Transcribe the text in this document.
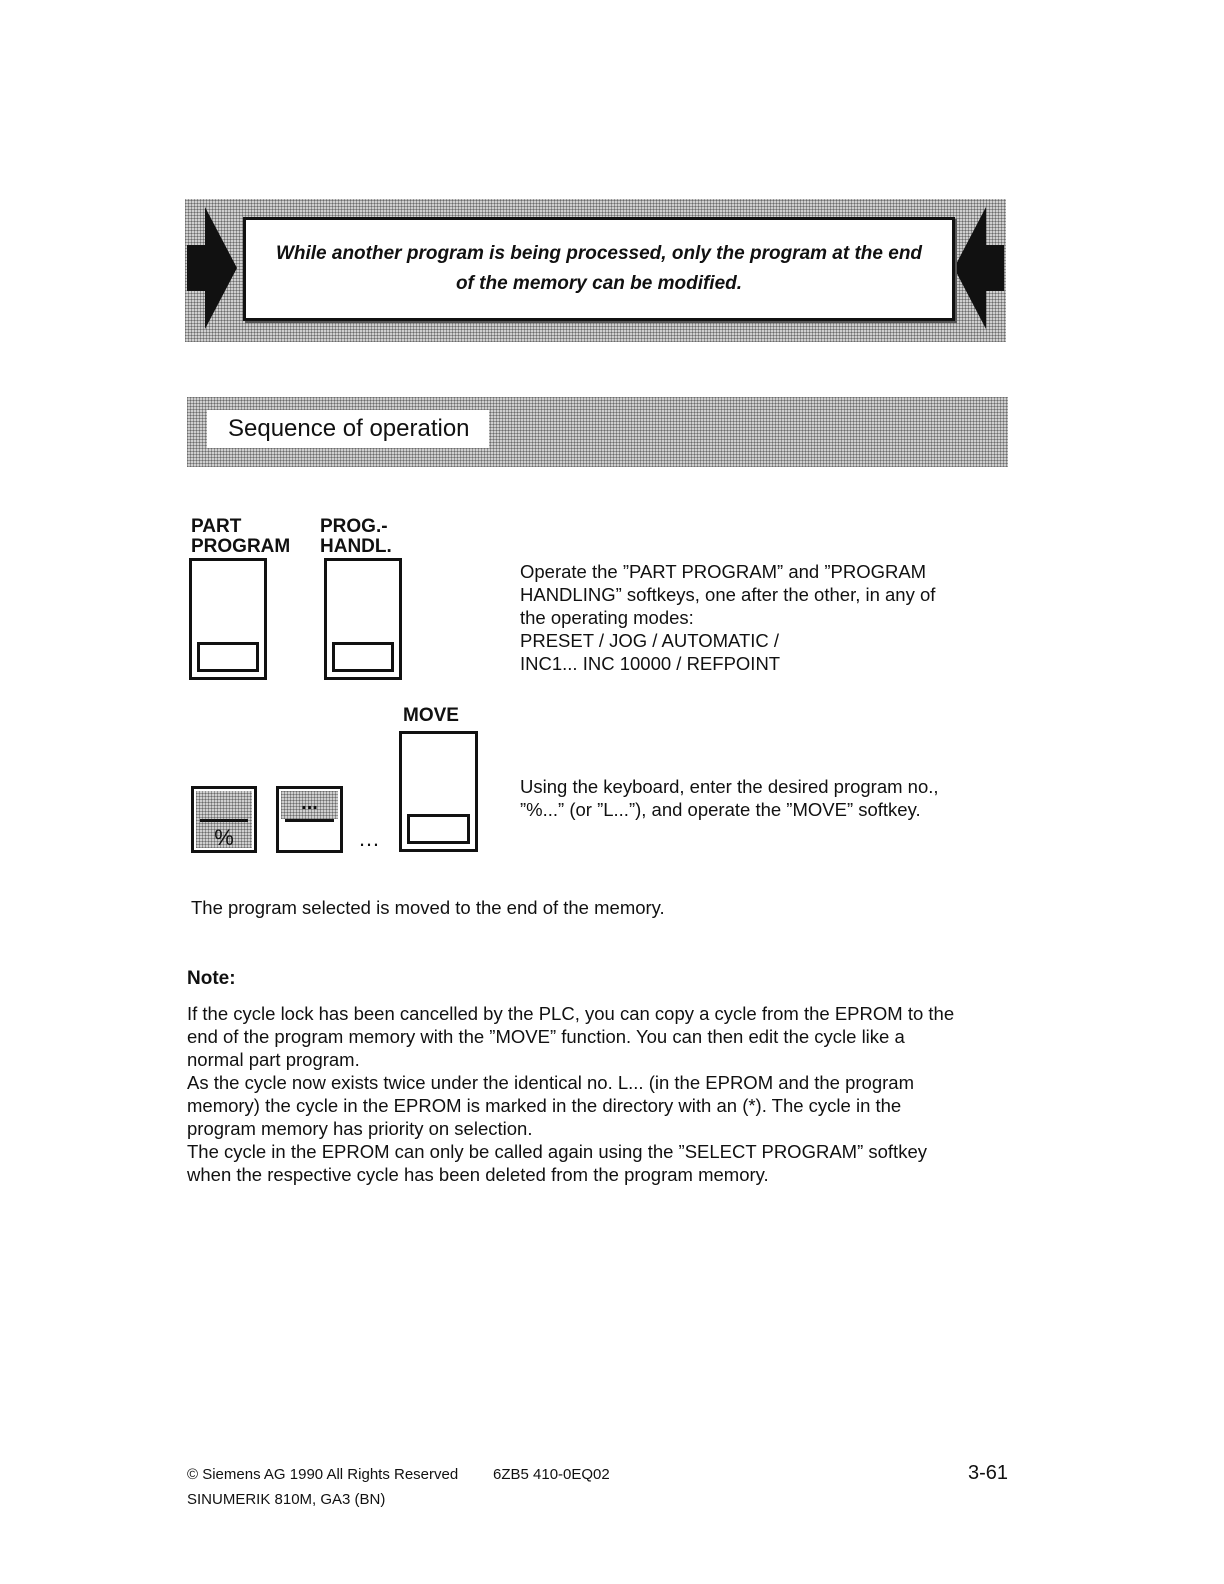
While another program is being processed, only the program at the end
of the memory can be modified.
Sequence of operation
PART
PROGRAM
PROG.-
HANDL.
Operate the ”PART PROGRAM” and ”PROGRAM
HANDLING” softkeys, one after the other, in any of
the operating modes:
PRESET / JOG / AUTOMATIC /
INC1... INC 10000 / REFPOINT
MOVE
%
...
…
Using the keyboard, enter the desired program no.,
”%...” (or ”L...”), and operate the ”MOVE” softkey.
The program selected is moved to the end of the memory.
Note:
If the cycle lock has been cancelled by the PLC, you can copy a cycle from the EPROM to the
end of the program memory with the ”MOVE” function. You can then edit the cycle like a
normal part program.
As the cycle now exists twice under the identical no. L... (in the EPROM and the program
memory) the cycle in the EPROM is marked in the directory with an (*). The cycle in the
program memory has priority on selection.
The cycle in the EPROM can only be called again using the ”SELECT PROGRAM” softkey
when the respective cycle has been deleted from the program memory.
© Siemens AG 1990 All Rights Reserved 6ZB5 410-0EQ02	3-61
SINUMERIK 810M, GA3 (BN)
